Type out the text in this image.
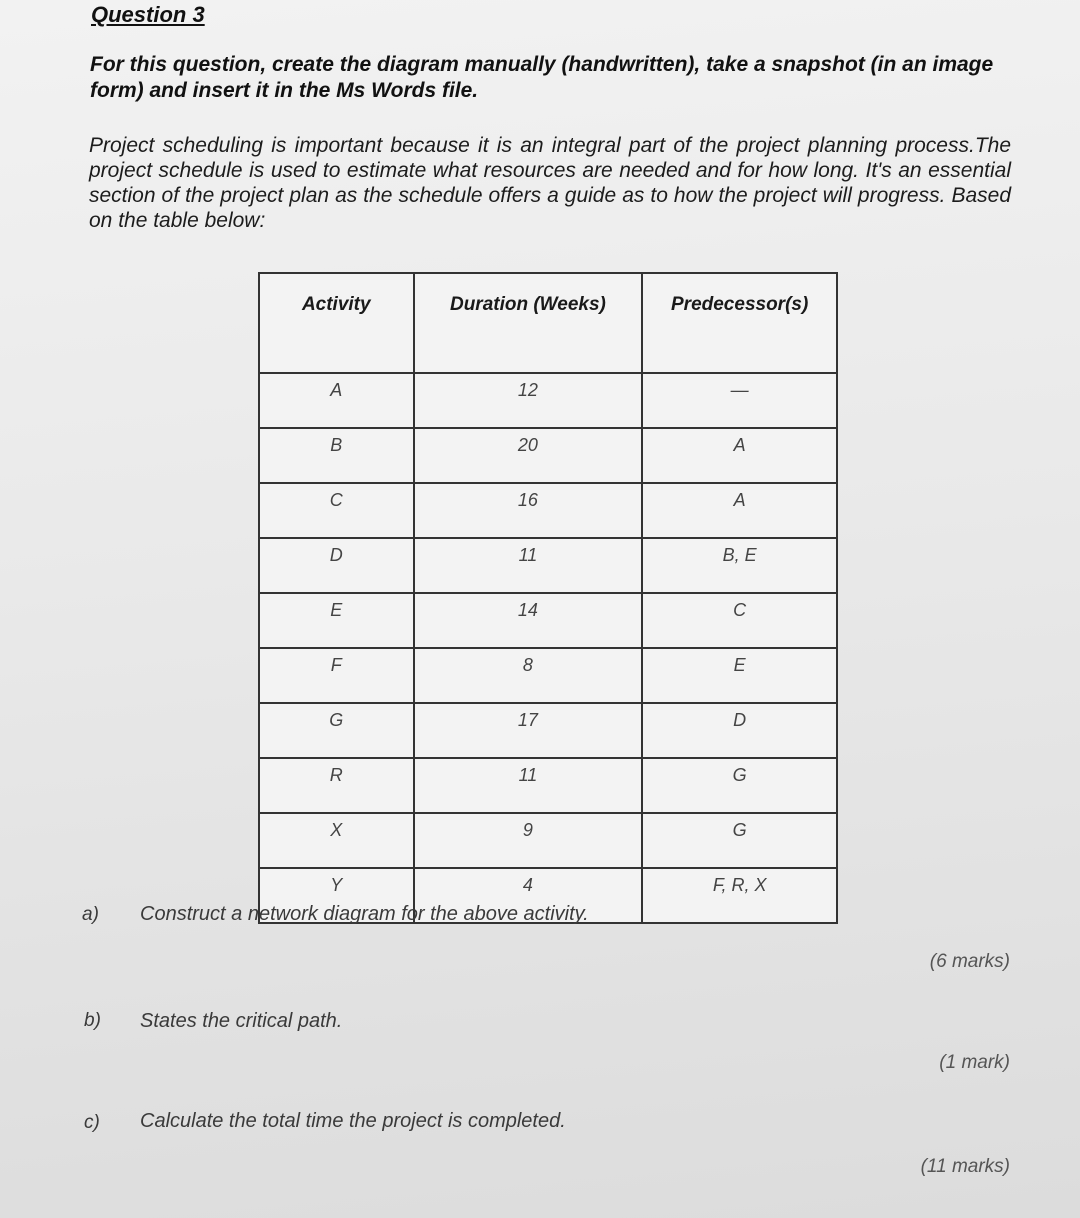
Question 3

For this question, create the diagram manually (handwritten), take a snapshot (in an image form) and insert it in the Ms Words file.

Project scheduling is important because it is an integral part of the project planning process.The project schedule is used to estimate what resources are needed and for how long. It's an essential section of the project plan as the schedule offers a guide as to how the project will progress. Based on the table below:

Activity	Duration (Weeks)	Predecessor(s)
A	12	—
B	20	A
C	16	A
D	11	B, E
E	14	C
F	8	E
G	17	D
R	11	G
X	9	G
Y	4	F, R, X
a) Construct a network diagram for the above activity.
(6 marks)
b) States the critical path.
(1 mark)
c) Calculate the total time the project is completed.
(11 marks)
